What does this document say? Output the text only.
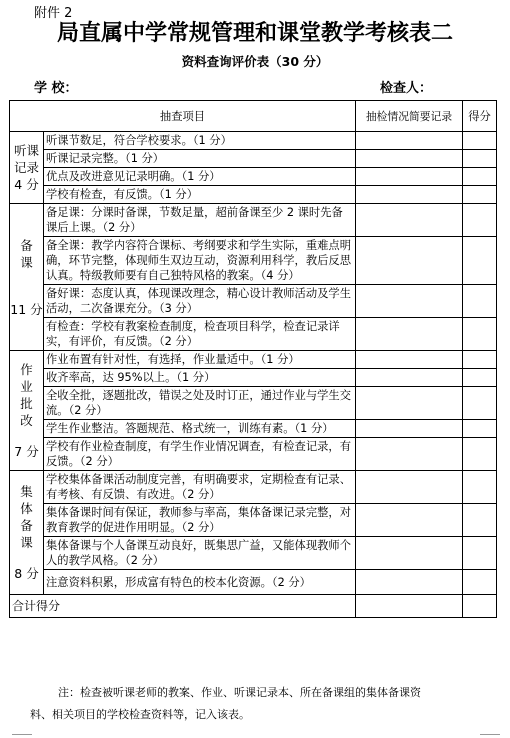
附件 2
局直属中学常规管理和课堂教学考核表二
资料查询评价表（30 分）
学 校：	检查人：
抽查项目		抽检情况简要记录	得分

听课记录
4 分	听课节数足，符合学校要求。（1 分）		
	听课记录完整。（1 分）		
	优点及改进意见记录明确。（1 分）		
	学校有检查，有反馈。（1 分）		

备课
11 分	备足课：分课时备课，节数足量，超前备课至少 2 课时先备课后上课。（2 分）		
	备全课：教学内容符合课标、考纲要求和学生实际，重难点明确，环节完整，体现师生双边互动，资源利用科学，教后反思认真。特级教师要有自己独特风格的教案。（4 分）		
	备好课：态度认真，体现课改理念，精心设计教师活动及学生活动，二次备课充分。（3 分）		
	有检查：学校有教案检查制度，检查项目科学，检查记录详实，有评价，有反馈。（2 分）		

作业批改
7 分	作业布置有针对性，有选择，作业量适中。（1 分）		
	收齐率高，达 95%以上。（1 分）		
	全收全批，逐题批改，错误之处及时订正，通过作业与学生交流。（2 分）		
	学生作业整洁。答题规范、格式统一，训练有素。（1 分）		
	学校有作业检查制度，有学生作业情况调查，有检查记录，有反馈。（2 分）		

集体备课
8 分	学校集体备课活动制度完善，有明确要求，定期检查有记录、有考核、有反馈、有改进。（2 分）		
	集体备课时间有保证，教师参与率高，集体备课记录完整，对教育教学的促进作用明显。（2 分）		
	集体备课与个人备课互动良好，既集思广益，又能体现教师个人的教学风格。（2 分）		
	注意资料积累，形成富有特色的校本化资源。（2 分）		
合计得分			
注：检查被听课老师的教案、作业、听课记录本、所在备课组的集体备课资
料、相关项目的学校检查资料等，记入该表。
